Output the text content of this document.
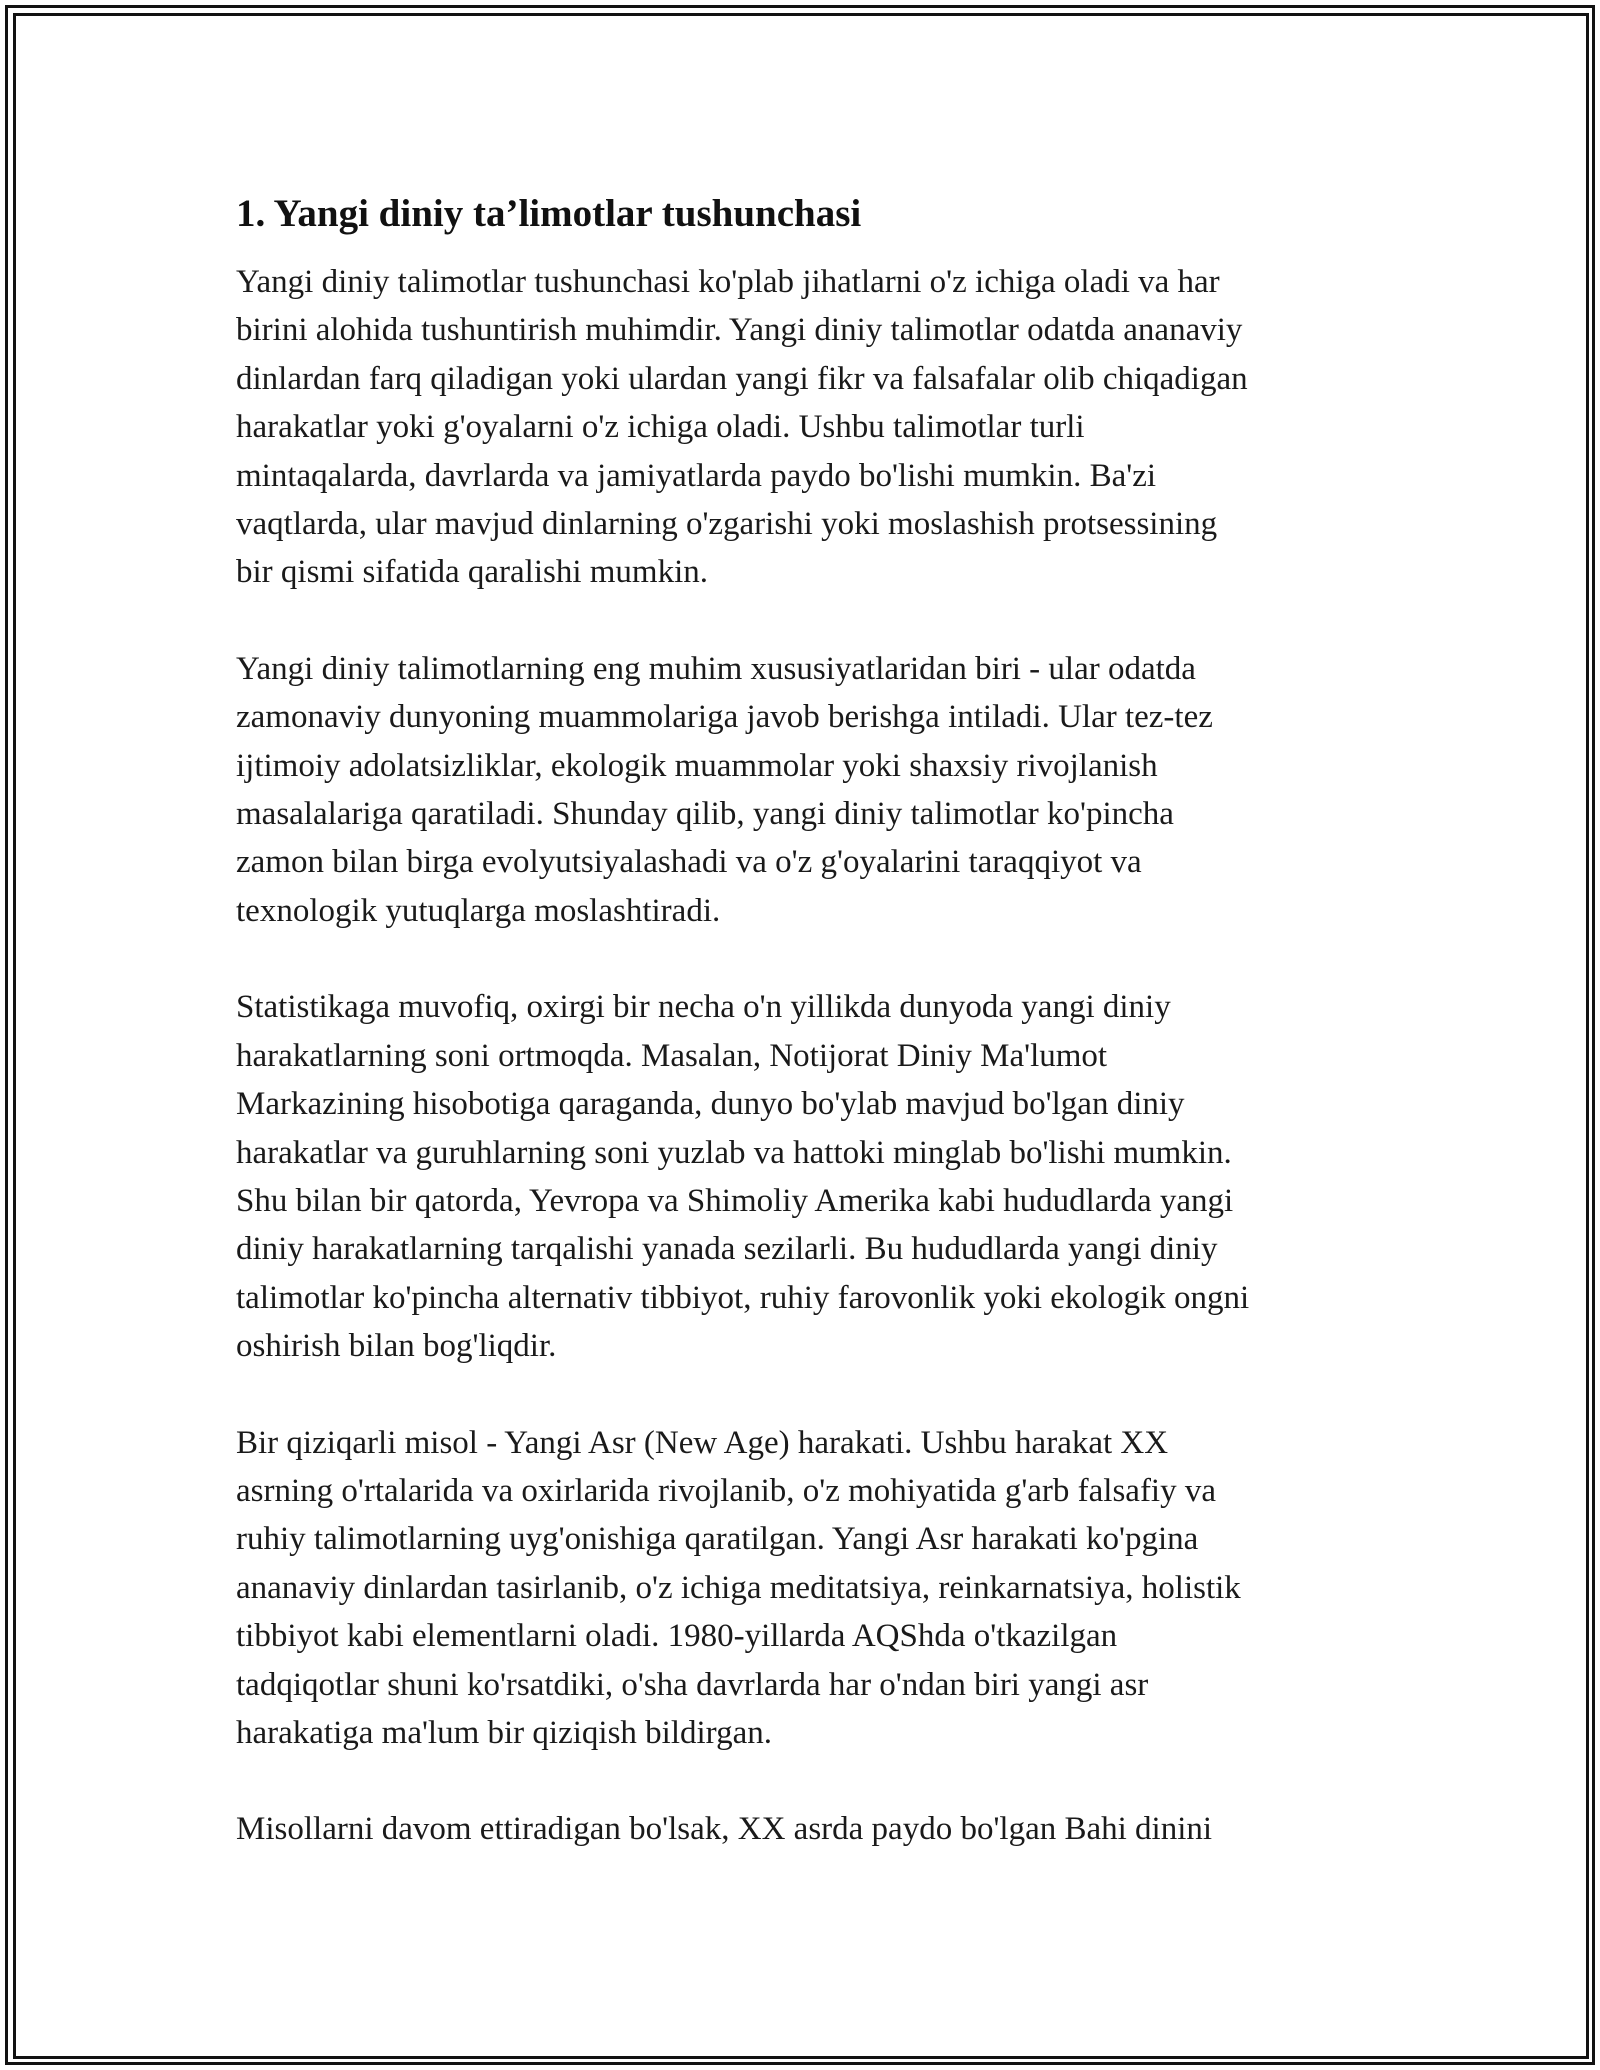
1. Yangi diniy ta’limotlar tushunchasi

Yangi diniy talimotlar tushunchasi ko'plab jihatlarni o'z ichiga oladi va har
birini alohida tushuntirish muhimdir. Yangi diniy talimotlar odatda ananaviy
dinlardan farq qiladigan yoki ulardan yangi fikr va falsafalar olib chiqadigan
harakatlar yoki g'oyalarni o'z ichiga oladi. Ushbu talimotlar turli
mintaqalarda, davrlarda va jamiyatlarda paydo bo'lishi mumkin. Ba'zi
vaqtlarda, ular mavjud dinlarning o'zgarishi yoki moslashish protsessining
bir qismi sifatida qaralishi mumkin.

Yangi diniy talimotlarning eng muhim xususiyatlaridan biri - ular odatda
zamonaviy dunyoning muammolariga javob berishga intiladi. Ular tez-tez
ijtimoiy adolatsizliklar, ekologik muammolar yoki shaxsiy rivojlanish
masalalariga qaratiladi. Shunday qilib, yangi diniy talimotlar ko'pincha
zamon bilan birga evolyutsiyalashadi va o'z g'oyalarini taraqqiyot va
texnologik yutuqlarga moslashtiradi.

Statistikaga muvofiq, oxirgi bir necha o'n yillikda dunyoda yangi diniy
harakatlarning soni ortmoqda. Masalan, Notijorat Diniy Ma'lumot
Markazining hisobotiga qaraganda, dunyo bo'ylab mavjud bo'lgan diniy
harakatlar va guruhlarning soni yuzlab va hattoki minglab bo'lishi mumkin.
Shu bilan bir qatorda, Yevropa va Shimoliy Amerika kabi hududlarda yangi
diniy harakatlarning tarqalishi yanada sezilarli. Bu hududlarda yangi diniy
talimotlar ko'pincha alternativ tibbiyot, ruhiy farovonlik yoki ekologik ongni
oshirish bilan bog'liqdir.

Bir qiziqarli misol - Yangi Asr (New Age) harakati. Ushbu harakat XX
asrning o'rtalarida va oxirlarida rivojlanib, o'z mohiyatida g'arb falsafiy va
ruhiy talimotlarning uyg'onishiga qaratilgan. Yangi Asr harakati ko'pgina
ananaviy dinlardan tasirlanib, o'z ichiga meditatsiya, reinkarnatsiya, holistik
tibbiyot kabi elementlarni oladi. 1980-yillarda AQShda o'tkazilgan
tadqiqotlar shuni ko'rsatdiki, o'sha davrlarda har o'ndan biri yangi asr
harakatiga ma'lum bir qiziqish bildirgan.

Misollarni davom ettiradigan bo'lsak, XX asrda paydo bo'lgan Bahi dinini
